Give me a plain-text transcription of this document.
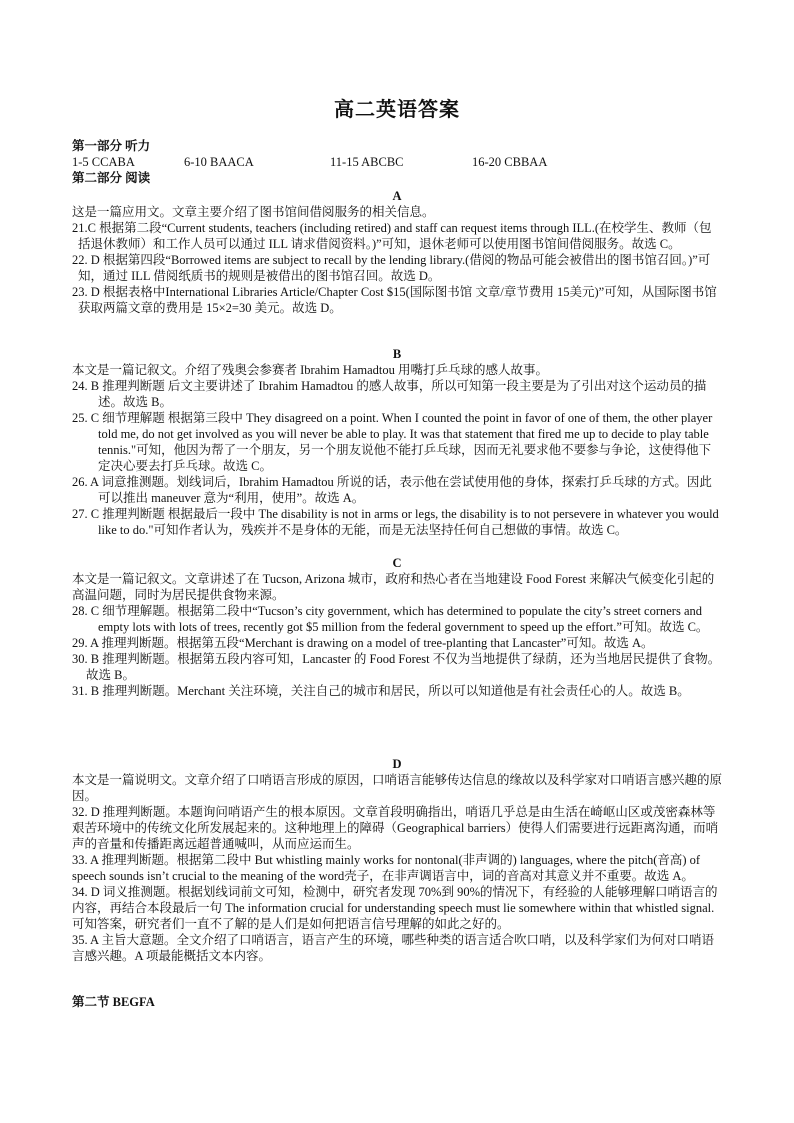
高二英语答案

第一部分 听力

1-5 CCABA	6-10 BAACA	11-15 ABCBC	16-20 CBBAA

第二部分 阅读

A

这是一篇应用文。文章主要介绍了图书馆间借阅服务的相关信息。

21.C 根据第二段“Current students, teachers (including retired) and staff can request items through ILL.(在校学生、教师（包括退休教师）和工作人员可以通过 ILL 请求借阅资料。)”可知，退休老师可以使用图书馆间借阅服务。故选 C。

22. D 根据第四段“Borrowed items are subject to recall by the lending library.(借阅的物品可能会被借出的图书馆召回。)”可知，通过 ILL 借阅纸质书的规则是被借出的图书馆召回。故选 D。

23. D 根据表格中International Libraries Article/Chapter Cost $15(国际图书馆 文章/章节费用 15美元)”可知，从国际图书馆获取两篇文章的费用是 15×2=30 美元。故选 D。

B

本文是一篇记叙文。介绍了残奥会参赛者 Ibrahim Hamadtou 用嘴打乒乓球的感人故事。

24. B 推理判断题 后文主要讲述了 Ibrahim Hamadtou 的感人故事，所以可知第一段主要是为了引出对这个运动员的描述。故选 B。

25. C 细节理解题 根据第三段中 They disagreed on a point. When I counted the point in favor of one of them, the other player told me, do not get involved as you will never be able to play. It was that statement that fired me up to decide to play table tennis."可知，他因为帮了一个朋友，另一个朋友说他不能打乒乓球，因而无礼要求他不要参与争论，这使得他下定决心要去打乒乓球。故选 C。

26. A 词意推测题。划线词后，Ibrahim Hamadtou 所说的话，表示他在尝试使用他的身体，探索打乒乓球的方式。因此可以推出 maneuver 意为“利用，使用”。故选 A。

27. C 推理判断题 根据最后一段中 The disability is not in arms or legs, the disability is to not persevere in whatever you would like to do."可知作者认为，残疾并不是身体的无能，而是无法坚持任何自己想做的事情。故选 C。

C

本文是一篇记叙文。文章讲述了在 Tucson, Arizona 城市，政府和热心者在当地建设 Food Forest 来解决气候变化引起的高温问题，同时为居民提供食物来源。

28. C 细节理解题。根据第二段中“Tucson’s city government, which has determined to populate the city’s street corners and empty lots with lots of trees, recently got $5 million from the federal government to speed up the effort.”可知。故选 C。

29. A 推理判断题。根据第五段“Merchant is drawing on a model of tree-planting that Lancaster”可知。故选 A。

30. B 推理判断题。根据第五段内容可知，Lancaster 的 Food Forest 不仅为当地提供了绿荫，还为当地居民提供了食物。故选 B。

31. B 推理判断题。Merchant 关注环境，关注自己的城市和居民，所以可以知道他是有社会责任心的人。故选 B。

D

本文是一篇说明文。文章介绍了口哨语言形成的原因，口哨语言能够传达信息的缘故以及科学家对口哨语言感兴趣的原因。

32. D 推理判断题。本题询问哨语产生的根本原因。文章首段明确指出，哨语几乎总是由生活在崎岖山区或茂密森林等艰苦环境中的传统文化所发展起来的。这种地理上的障碍（Geographical barriers）使得人们需要进行远距离沟通，而哨声的音量和传播距离远超普通喊叫，从而应运而生。

33. A 推理判断题。根据第二段中 But whistling mainly works for nontonal(非声调的) languages, where the pitch(音高) of speech sounds isn’t crucial to the meaning of the word壳子，在非声调语言中，词的音高对其意义并不重要。故选 A。

34. D 词义推测题。根据划线词前文可知，检测中，研究者发现 70%到 90%的情况下，有经验的人能够理解口哨语言的内容，再结合本段最后一句 The information crucial for understanding speech must lie somewhere within that whistled signal.可知答案，研究者们一直不了解的是人们是如何把语言信号理解的如此之好的。

35. A 主旨大意题。全文介绍了口哨语言，语言产生的环境，哪些种类的语言适合吹口哨，以及科学家们为何对口哨语言感兴趣。A 项最能概括文本内容。

第二节 BEGFA
